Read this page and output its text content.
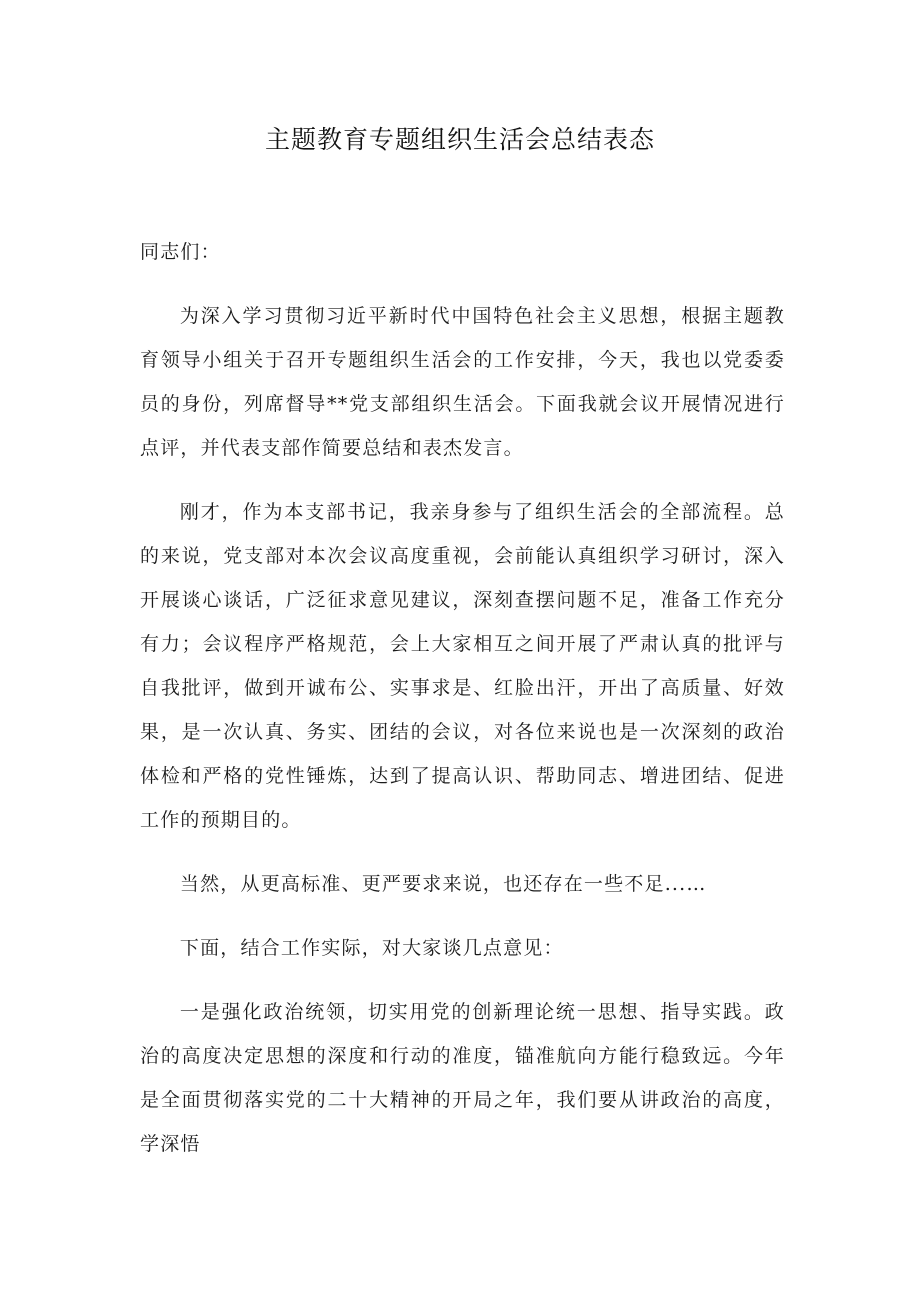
主题教育专题组织生活会总结表态

同志们：

为深入学习贯彻习近平新时代中国特色社会主义思想，根据主题教育领导小组关于召开专题组织生活会的工作安排，今天，我也以党委委员的身份，列席督导**党支部组织生活会。下面我就会议开展情况进行点评，并代表支部作简要总结和表杰发言。

刚才，作为本支部书记，我亲身参与了组织生活会的全部流程。总的来说，党支部对本次会议高度重视，会前能认真组织学习研讨，深入开展谈心谈话，广泛征求意见建议，深刻查摆问题不足，准备工作充分有力；会议程序严格规范，会上大家相互之间开展了严肃认真的批评与自我批评，做到开诚布公、实事求是、红脸出汗，开出了高质量、好效果，是一次认真、务实、团结的会议，对各位来说也是一次深刻的政治体检和严格的党性锤炼，达到了提高认识、帮助同志、增进团结、促进工作的预期目的。

当然，从更高标准、更严要求来说，也还存在一些不足...…

下面，结合工作实际，对大家谈几点意见：

一是强化政治统领，切实用党的创新理论统一思想、指导实践。政治的高度决定思想的深度和行动的准度，锚准航向方能行稳致远。今年是全面贯彻落实党的二十大精神的开局之年，我们要从讲政治的高度，学深悟
